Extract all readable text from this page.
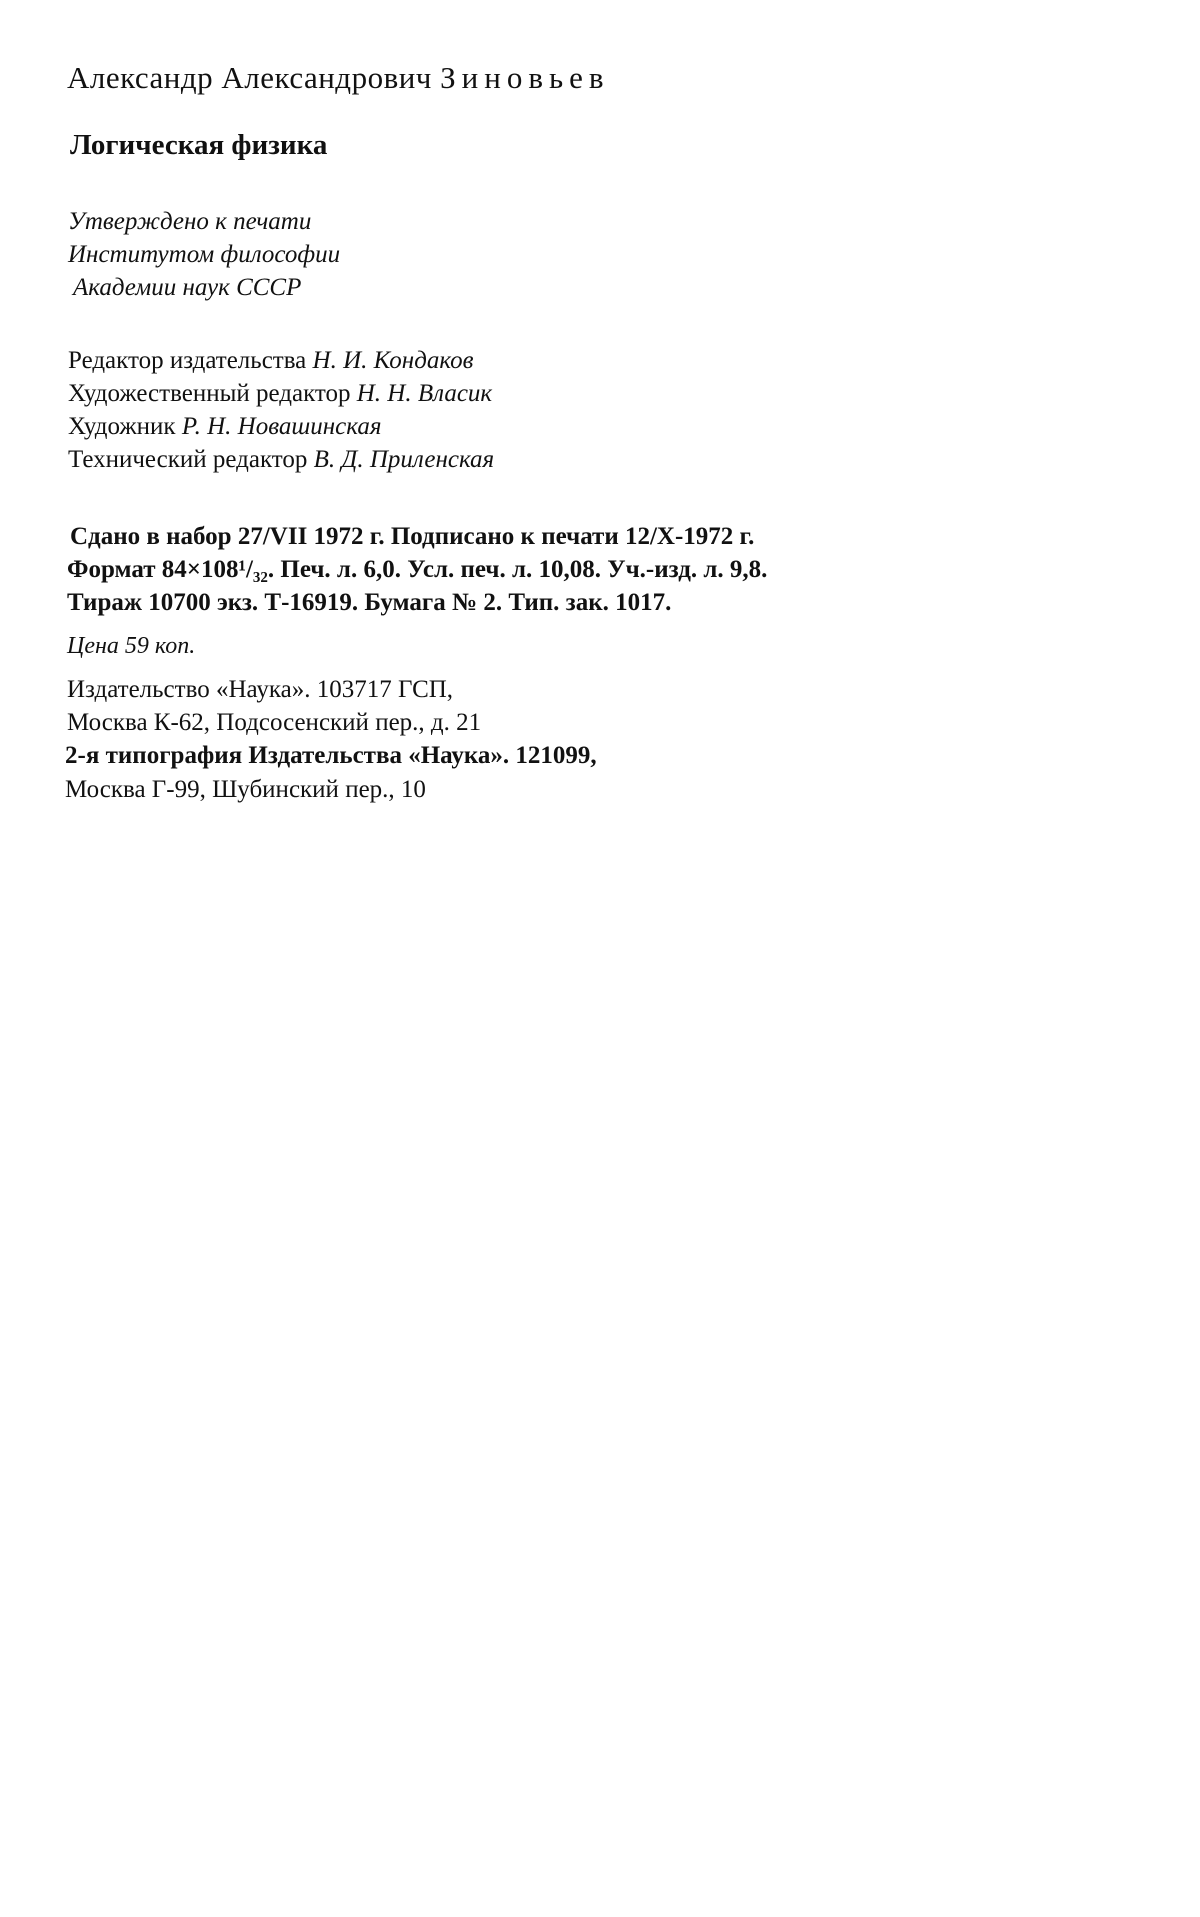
Александр Александрович Зиновьев
Логическая физика
Утверждено к печати
Институтом философии
Академии наук СССР
Редактор издательства Н. И. Кондаков
Художественный редактор Н. Н. Власик
Художник Р. Н. Новашинская
Технический редактор В. Д. Приленская
Сдано в набор 27/VII 1972 г. Подписано к печати 12/Х-1972 г.
Формат 84×108¹/₃₂. Печ. л. 6,0. Усл. печ. л. 10,08. Уч.-изд. л. 9,8.
Тираж 10700 экз. Т-16919. Бумага № 2. Тип. зак. 1017.
Цена 59 коп.
Издательство «Наука». 103717 ГСП,
Москва К-62, Подсосенский пер., д. 21
2-я типография Издательства «Наука». 121099,
Москва Г-99, Шубинский пер., 10
